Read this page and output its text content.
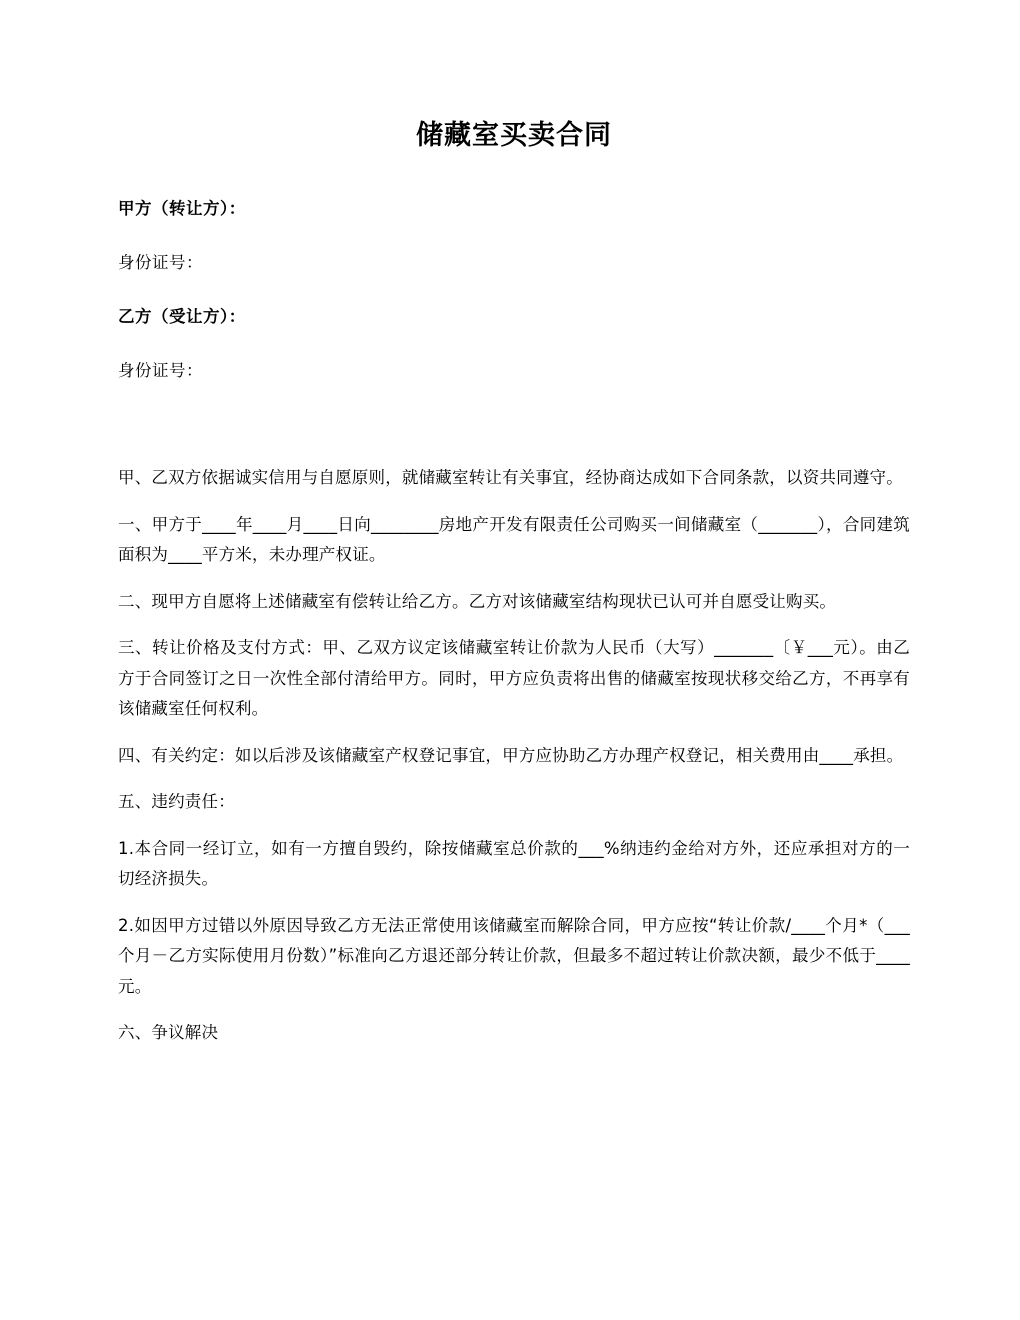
储藏室买卖合同

甲方（转让方）：

身份证号：

乙方（受让方）：

身份证号：

甲、乙双方依据诚实信用与自愿原则，就储藏室转让有关事宜，经协商达成如下合同条款，以资共同遵守。

一、甲方于____年____月____日向________房地产开发有限责任公司购买一间储藏室（_______），合同建筑面积为____平方米，未办理产权证。

二、现甲方自愿将上述储藏室有偿转让给乙方。乙方对该储藏室结构现状已认可并自愿受让购买。

三、转让价格及支付方式：甲、乙双方议定该储藏室转让价款为人民币（大写）_______〔￥___元）。由乙方于合同签订之日一次性全部付清给甲方。同时，甲方应负责将出售的储藏室按现状移交给乙方，不再享有该储藏室任何权利。

四、有关约定：如以后涉及该储藏室产权登记事宜，甲方应协助乙方办理产权登记，相关费用由____承担。

五、违约责任：

1.本合同一经订立，如有一方擅自毁约，除按储藏室总价款的___%纳违约金给对方外，还应承担对方的一切经济损失。

2.如因甲方过错以外原因导致乙方无法正常使用该储藏室而解除合同，甲方应按“转让价款/____个月*（___个月－乙方实际使用月份数）”标准向乙方退还部分转让价款，但最多不超过转让价款决额，最少不低于____元。

六、争议解决
